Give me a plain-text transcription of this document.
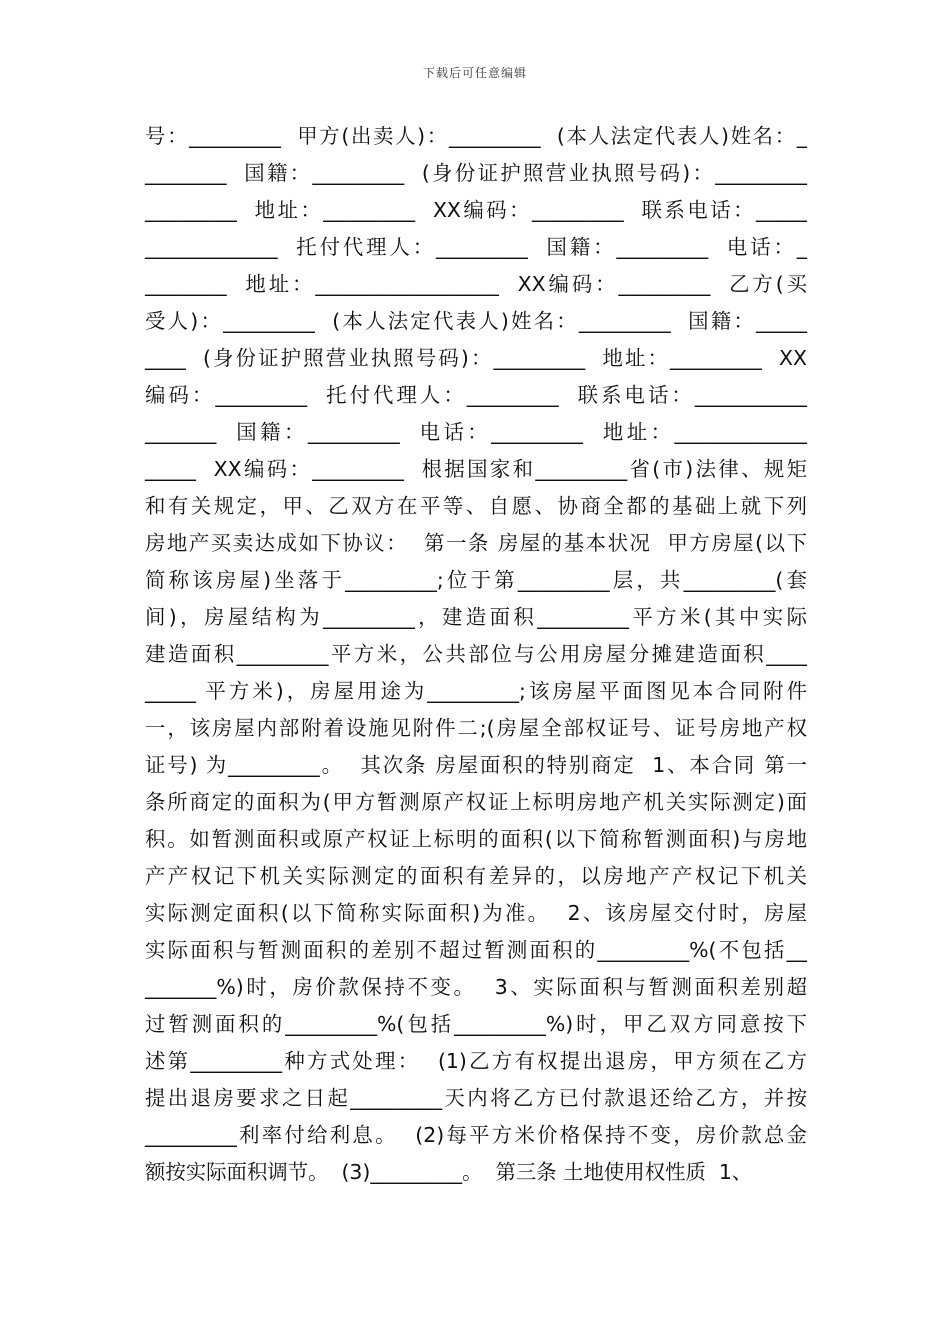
下载后可任意编辑
号：_________  甲方(出卖人)：_________  (本人法定代表人)姓名：_
________  国籍：_________  (身份证护照营业执照号码)：_________
_________  地址：_________  XX编码：_________  联系电话：_____
_____________  托付代理人：_________  国籍：_________  电话：_
________  地址：__________________  XX编码：_________  乙方(买
受人)：_________  (本人法定代表人)姓名：_________  国籍：_____
____  (身份证护照营业执照号码)：_________  地址：_________  XX
编码：_________  托付代理人：_________  联系电话：___________
_______  国籍：_________  电话：_________  地址：_____________
_____  XX编码：_________  根据国家和_________省(市)法律、规矩
和有关规定，甲、乙双方在平等、自愿、协商全都的基础上就下列
房地产买卖达成如下协议：  第一条 房屋的基本状况  甲方房屋(以下
简称该房屋)坐落于_________;位于第_________层，共_________(套
间)，房屋结构为_________，建造面积_________平方米(其中实际
建造面积_________平方米，公共部位与公用房屋分摊建造面积____
_____ 平方米)，房屋用途为_________;该房屋平面图见本合同附件
一，该房屋内部附着设施见附件二;(房屋全部权证号、证号房地产权
证号) 为_________。  其次条 房屋面积的特别商定  1、本合同 第一
条所商定的面积为(甲方暂测原产权证上标明房地产机关实际测定)面
积。如暂测面积或原产权证上标明的面积(以下简称暂测面积)与房地
产产权记下机关实际测定的面积有差异的，以房地产产权记下机关
实际测定面积(以下简称实际面积)为准。  2、该房屋交付时，房屋
实际面积与暂测面积的差别不超过暂测面积的_________%(不包括__
_______%)时，房价款保持不变。  3、实际面积与暂测面积差别超
过暂测面积的_________%(包括_________%)时，甲乙双方同意按下
述第_________种方式处理：  (1)乙方有权提出退房，甲方须在乙方
提出退房要求之日起_________天内将乙方已付款退还给乙方，并按
_________利率付给利息。  (2)每平方米价格保持不变，房价款总金
额按实际面积调节。  (3)_________。  第三条 土地使用权性质  1、
